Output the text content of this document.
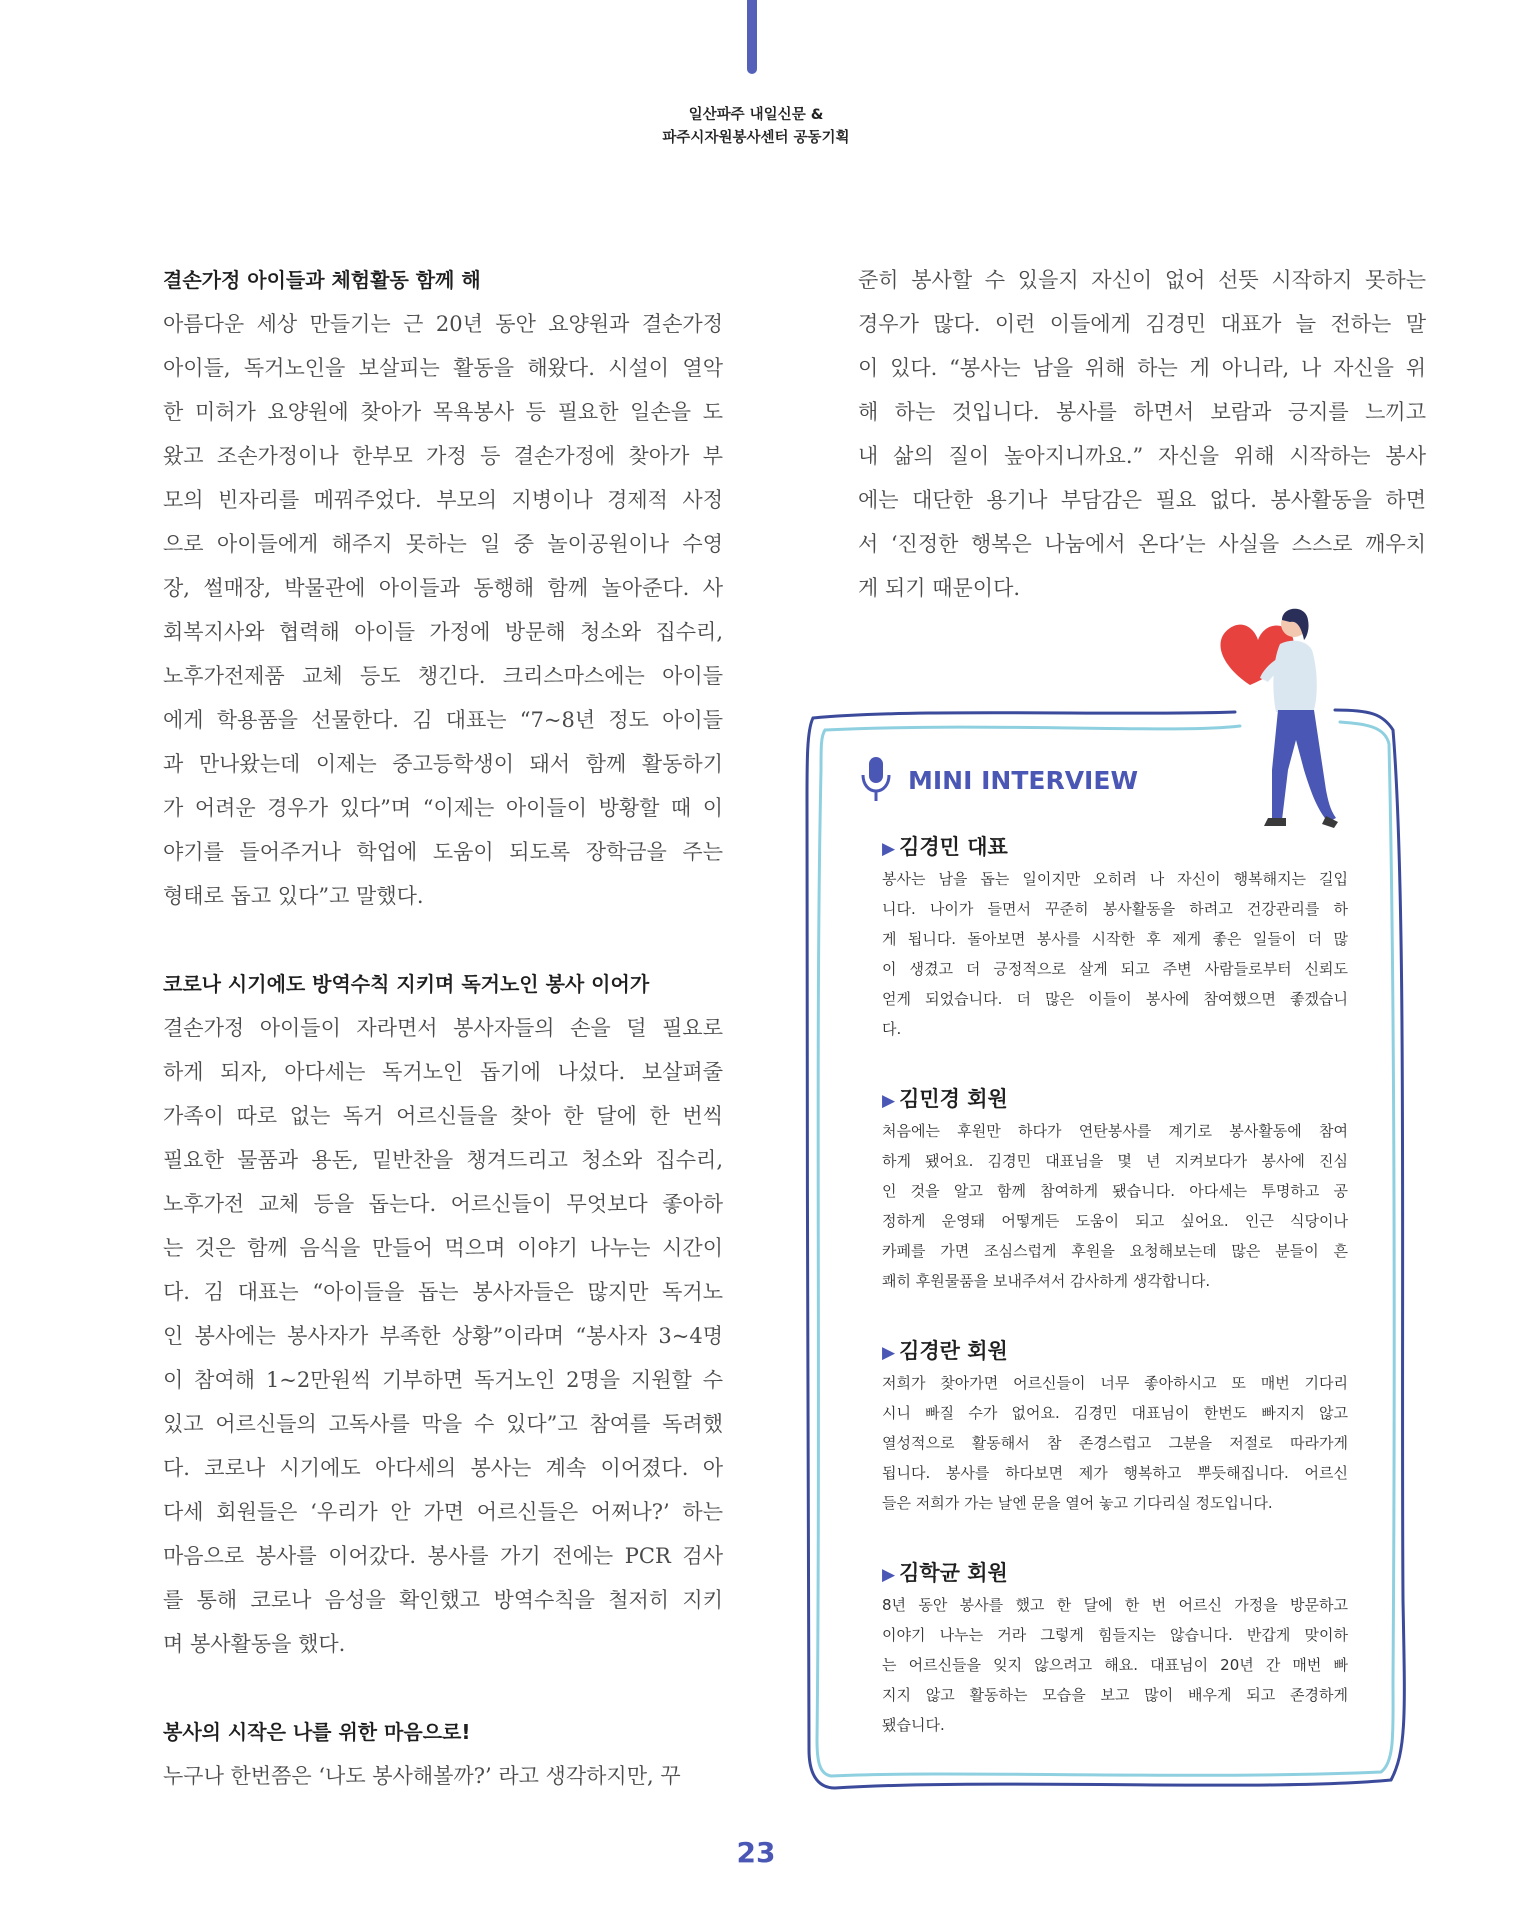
일산파주 내일신문 &
파주시자원봉사센터 공동기획
결손가정 아이들과 체험활동 함께 해
아름다운 세상 만들기는 근 20년 동안 요양원과 결손가정
아이들, 독거노인을 보살피는 활동을 해왔다. 시설이 열악
한 미허가 요양원에 찾아가 목욕봉사 등 필요한 일손을 도
왔고 조손가정이나 한부모 가정 등 결손가정에 찾아가 부
모의 빈자리를 메꿔주었다. 부모의 지병이나 경제적 사정
으로 아이들에게 해주지 못하는 일 중 놀이공원이나 수영
장, 썰매장, 박물관에 아이들과 동행해 함께 놀아준다. 사
회복지사와 협력해 아이들 가정에 방문해 청소와 집수리,
노후가전제품 교체 등도 챙긴다. 크리스마스에는 아이들
에게 학용품을 선물한다. 김 대표는 “7~8년 정도 아이들
과 만나왔는데 이제는 중고등학생이 돼서 함께 활동하기
가 어려운 경우가 있다”며 “이제는 아이들이 방황할 때 이
야기를 들어주거나 학업에 도움이 되도록 장학금을 주는
형태로 돕고 있다”고 말했다.
코로나 시기에도 방역수칙 지키며 독거노인 봉사 이어가
결손가정 아이들이 자라면서 봉사자들의 손을 덜 필요로
하게 되자, 아다세는 독거노인 돕기에 나섰다. 보살펴줄
가족이 따로 없는 독거 어르신들을 찾아 한 달에 한 번씩
필요한 물품과 용돈, 밑반찬을 챙겨드리고 청소와 집수리,
노후가전 교체 등을 돕는다. 어르신들이 무엇보다 좋아하
는 것은 함께 음식을 만들어 먹으며 이야기 나누는 시간이
다. 김 대표는 “아이들을 돕는 봉사자들은 많지만 독거노
인 봉사에는 봉사자가 부족한 상황”이라며 “봉사자 3~4명
이 참여해 1~2만원씩 기부하면 독거노인 2명을 지원할 수
있고 어르신들의 고독사를 막을 수 있다”고 참여를 독려했
다. 코로나 시기에도 아다세의 봉사는 계속 이어졌다. 아
다세 회원들은 ‘우리가 안 가면 어르신들은 어쩌나?’ 하는
마음으로 봉사를 이어갔다. 봉사를 가기 전에는 PCR 검사
를 통해 코로나 음성을 확인했고 방역수칙을 철저히 지키
며 봉사활동을 했다.
봉사의 시작은 나를 위한 마음으로!
누구나 한번쯤은 ‘나도 봉사해볼까?’ 라고 생각하지만, 꾸
준히 봉사할 수 있을지 자신이 없어 선뜻 시작하지 못하는
경우가 많다. 이런 이들에게 김경민 대표가 늘 전하는 말
이 있다. “봉사는 남을 위해 하는 게 아니라, 나 자신을 위
해 하는 것입니다. 봉사를 하면서 보람과 긍지를 느끼고
내 삶의 질이 높아지니까요.” 자신을 위해 시작하는 봉사
에는 대단한 용기나 부담감은 필요 없다. 봉사활동을 하면
서 ‘진정한 행복은 나눔에서 온다’는 사실을 스스로 깨우치
게 되기 때문이다.
MINI INTERVIEW
▶ 김경민 대표
봉사는 남을 돕는 일이지만 오히려 나 자신이 행복해지는 길입
니다. 나이가 들면서 꾸준히 봉사활동을 하려고 건강관리를 하
게 됩니다. 돌아보면 봉사를 시작한 후 제게 좋은 일들이 더 많
이 생겼고 더 긍정적으로 살게 되고 주변 사람들로부터 신뢰도
얻게 되었습니다. 더 많은 이들이 봉사에 참여했으면 좋겠습니
다.
▶ 김민경 회원
처음에는 후원만 하다가 연탄봉사를 계기로 봉사활동에 참여
하게 됐어요. 김경민 대표님을 몇 년 지켜보다가 봉사에 진심
인 것을 알고 함께 참여하게 됐습니다. 아다세는 투명하고 공
정하게 운영돼 어떻게든 도움이 되고 싶어요. 인근 식당이나
카페를 가면 조심스럽게 후원을 요청해보는데 많은 분들이 흔
쾌히 후원물품을 보내주셔서 감사하게 생각합니다.
▶ 김경란 회원
저희가 찾아가면 어르신들이 너무 좋아하시고 또 매번 기다리
시니 빠질 수가 없어요. 김경민 대표님이 한번도 빠지지 않고
열성적으로 활동해서 참 존경스럽고 그분을 저절로 따라가게
됩니다. 봉사를 하다보면 제가 행복하고 뿌듯해집니다. 어르신
들은 저희가 가는 날엔 문을 열어 놓고 기다리실 정도입니다.
▶ 김학균 회원
8년 동안 봉사를 했고 한 달에 한 번 어르신 가정을 방문하고
이야기 나누는 거라 그렇게 힘들지는 않습니다. 반갑게 맞이하
는 어르신들을 잊지 않으려고 해요. 대표님이 20년 간 매번 빠
지지 않고 활동하는 모습을 보고 많이 배우게 되고 존경하게
됐습니다.
23
